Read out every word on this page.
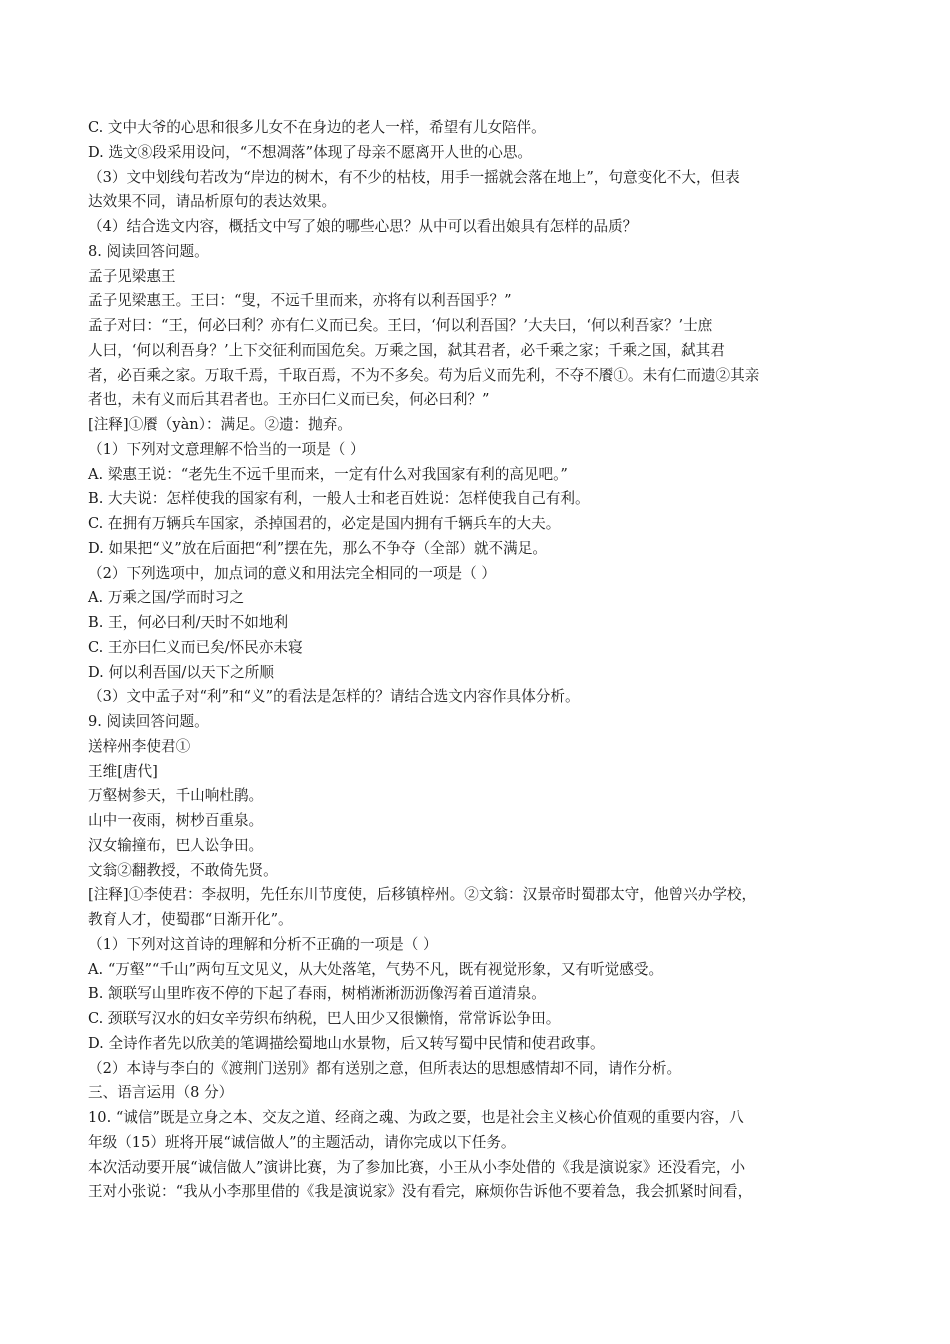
C. 文中大爷的心思和很多儿女不在身边的老人一样，希望有儿女陪伴。
D. 选文⑧段采用设问，“不想凋落”体现了母亲不愿离开人世的心思。
（3）文中划线句若改为“岸边的树木，有不少的枯枝，用手一摇就会落在地上”，句意变化不大，但表
达效果不同，请品析原句的表达效果。
（4）结合选文内容，概括文中写了娘的哪些心思？从中可以看出娘具有怎样的品质？
8. 阅读回答问题。
孟子见梁惠王
孟子见梁惠王。王曰：“叟，不远千里而来，亦将有以利吾国乎？”
孟子对曰：“王，何必曰利？亦有仁义而已矣。王曰，‘何以利吾国？’大夫曰，‘何以利吾家？’士庶
人曰，‘何以利吾身？’上下交征利而国危矣。万乘之国，弑其君者，必千乘之家；千乘之国，弑其君
者，必百乘之家。万取千焉，千取百焉，不为不多矣。苟为后义而先利，不夺不餍①。未有仁而遗②其亲
者也，未有义而后其君者也。王亦曰仁义而已矣，何必曰利？”
[注释]①餍（yàn）：满足。②遗：抛弃。
（1）下列对文意理解不恰当的一项是（ ）
A. 梁惠王说：“老先生不远千里而来，一定有什么对我国家有利的高见吧。”
B. 大夫说：怎样使我的国家有利，一般人士和老百姓说：怎样使我自己有利。
C. 在拥有万辆兵车国家，杀掉国君的，必定是国内拥有千辆兵车的大夫。
D. 如果把“义”放在后面把“利”摆在先，那么不争夺（全部）就不满足。
（2）下列选项中，加点词的意义和用法完全相同的一项是（ ）
A. 万乘之国/学而时习之
B. 王，何必曰利/天时不如地利
C. 王亦曰仁义而已矣/怀民亦未寝
D. 何以利吾国/以天下之所顺
（3）文中孟子对“利”和“义”的看法是怎样的？请结合选文内容作具体分析。
9. 阅读回答问题。
送梓州李使君①
王维[唐代]
万壑树参天，千山响杜鹃。
山中一夜雨，树杪百重泉。
汉女输撞布，巴人讼争田。
文翁②翻教授，不敢倚先贤。
[注释]①李使君：李叔明，先任东川节度使，后移镇梓州。②文翁：汉景帝时蜀郡太守，他曾兴办学校，
教育人才，使蜀郡“日渐开化”。
（1）下列对这首诗的理解和分析不正确的一项是（ ）
A. “万壑”“千山”两句互文见义，从大处落笔，气势不凡，既有视觉形象，又有听觉感受。
B. 颔联写山里昨夜不停的下起了春雨，树梢淅淅沥沥像泻着百道清泉。
C. 颈联写汉水的妇女辛劳织布纳税，巴人田少又很懒惰，常常诉讼争田。
D. 全诗作者先以欣美的笔调描绘蜀地山水景物，后又转写蜀中民情和使君政事。
（2）本诗与李白的《渡荆门送别》都有送别之意，但所表达的思想感情却不同，请作分析。
三、语言运用（8 分）
10. “诚信”既是立身之本、交友之道、经商之魂、为政之要，也是社会主义核心价值观的重要内容，八
年级（15）班将开展“诚信做人”的主题活动，请你完成以下任务。
本次活动要开展“诚信做人”演讲比赛，为了参加比赛，小王从小李处借的《我是演说家》还没看完，小
王对小张说：“我从小李那里借的《我是演说家》没有看完，麻烦你告诉他不要着急，我会抓紧时间看，
